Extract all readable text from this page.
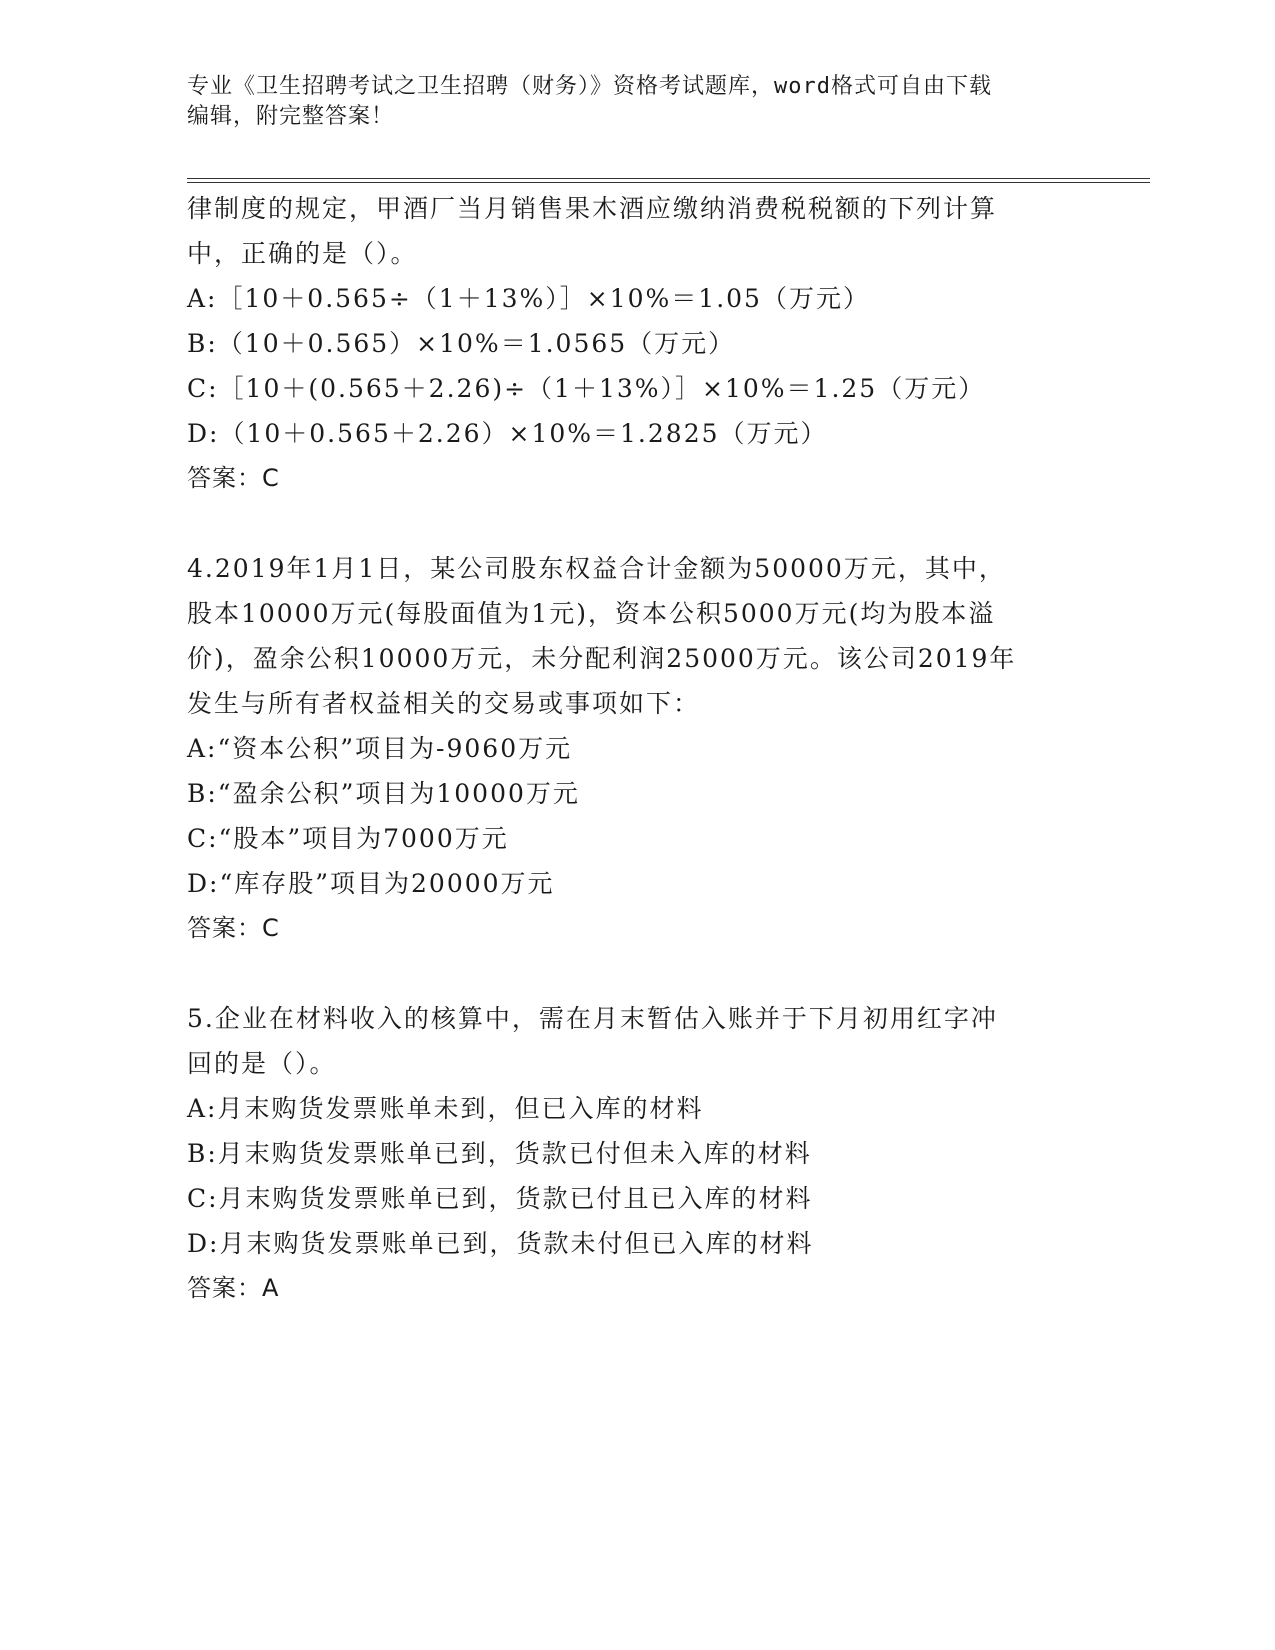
专业《卫生招聘考试之卫生招聘（财务）》资格考试题库，word格式可自由下载
编辑，附完整答案！
律制度的规定，甲酒厂当月销售果木酒应缴纳消费税税额的下列计算
中，正确的是（）。
A:［10＋0.565÷（1＋13%）］×10%＝1.05（万元）
B:（10＋0.565）×10%＝1.0565（万元）
C:［10＋(0.565＋2.26)÷（1＋13%）］×10%＝1.25（万元）
D:（10＋0.565＋2.26）×10%＝1.2825（万元）
答案：C
4.2019年1月1日，某公司股东权益合计金额为50000万元，其中，
股本10000万元(每股面值为1元)，资本公积5000万元(均为股本溢
价)，盈余公积10000万元，未分配利润25000万元。该公司2019年
发生与所有者权益相关的交易或事项如下：
A:“资本公积”项目为-9060万元
B:“盈余公积”项目为10000万元
C:“股本”项目为7000万元
D:“库存股”项目为20000万元
答案：C
5.企业在材料收入的核算中，需在月末暂估入账并于下月初用红字冲
回的是（）。
A:月末购货发票账单未到，但已入库的材料
B:月末购货发票账单已到，货款已付但未入库的材料
C:月末购货发票账单已到，货款已付且已入库的材料
D:月末购货发票账单已到，货款未付但已入库的材料
答案：A
